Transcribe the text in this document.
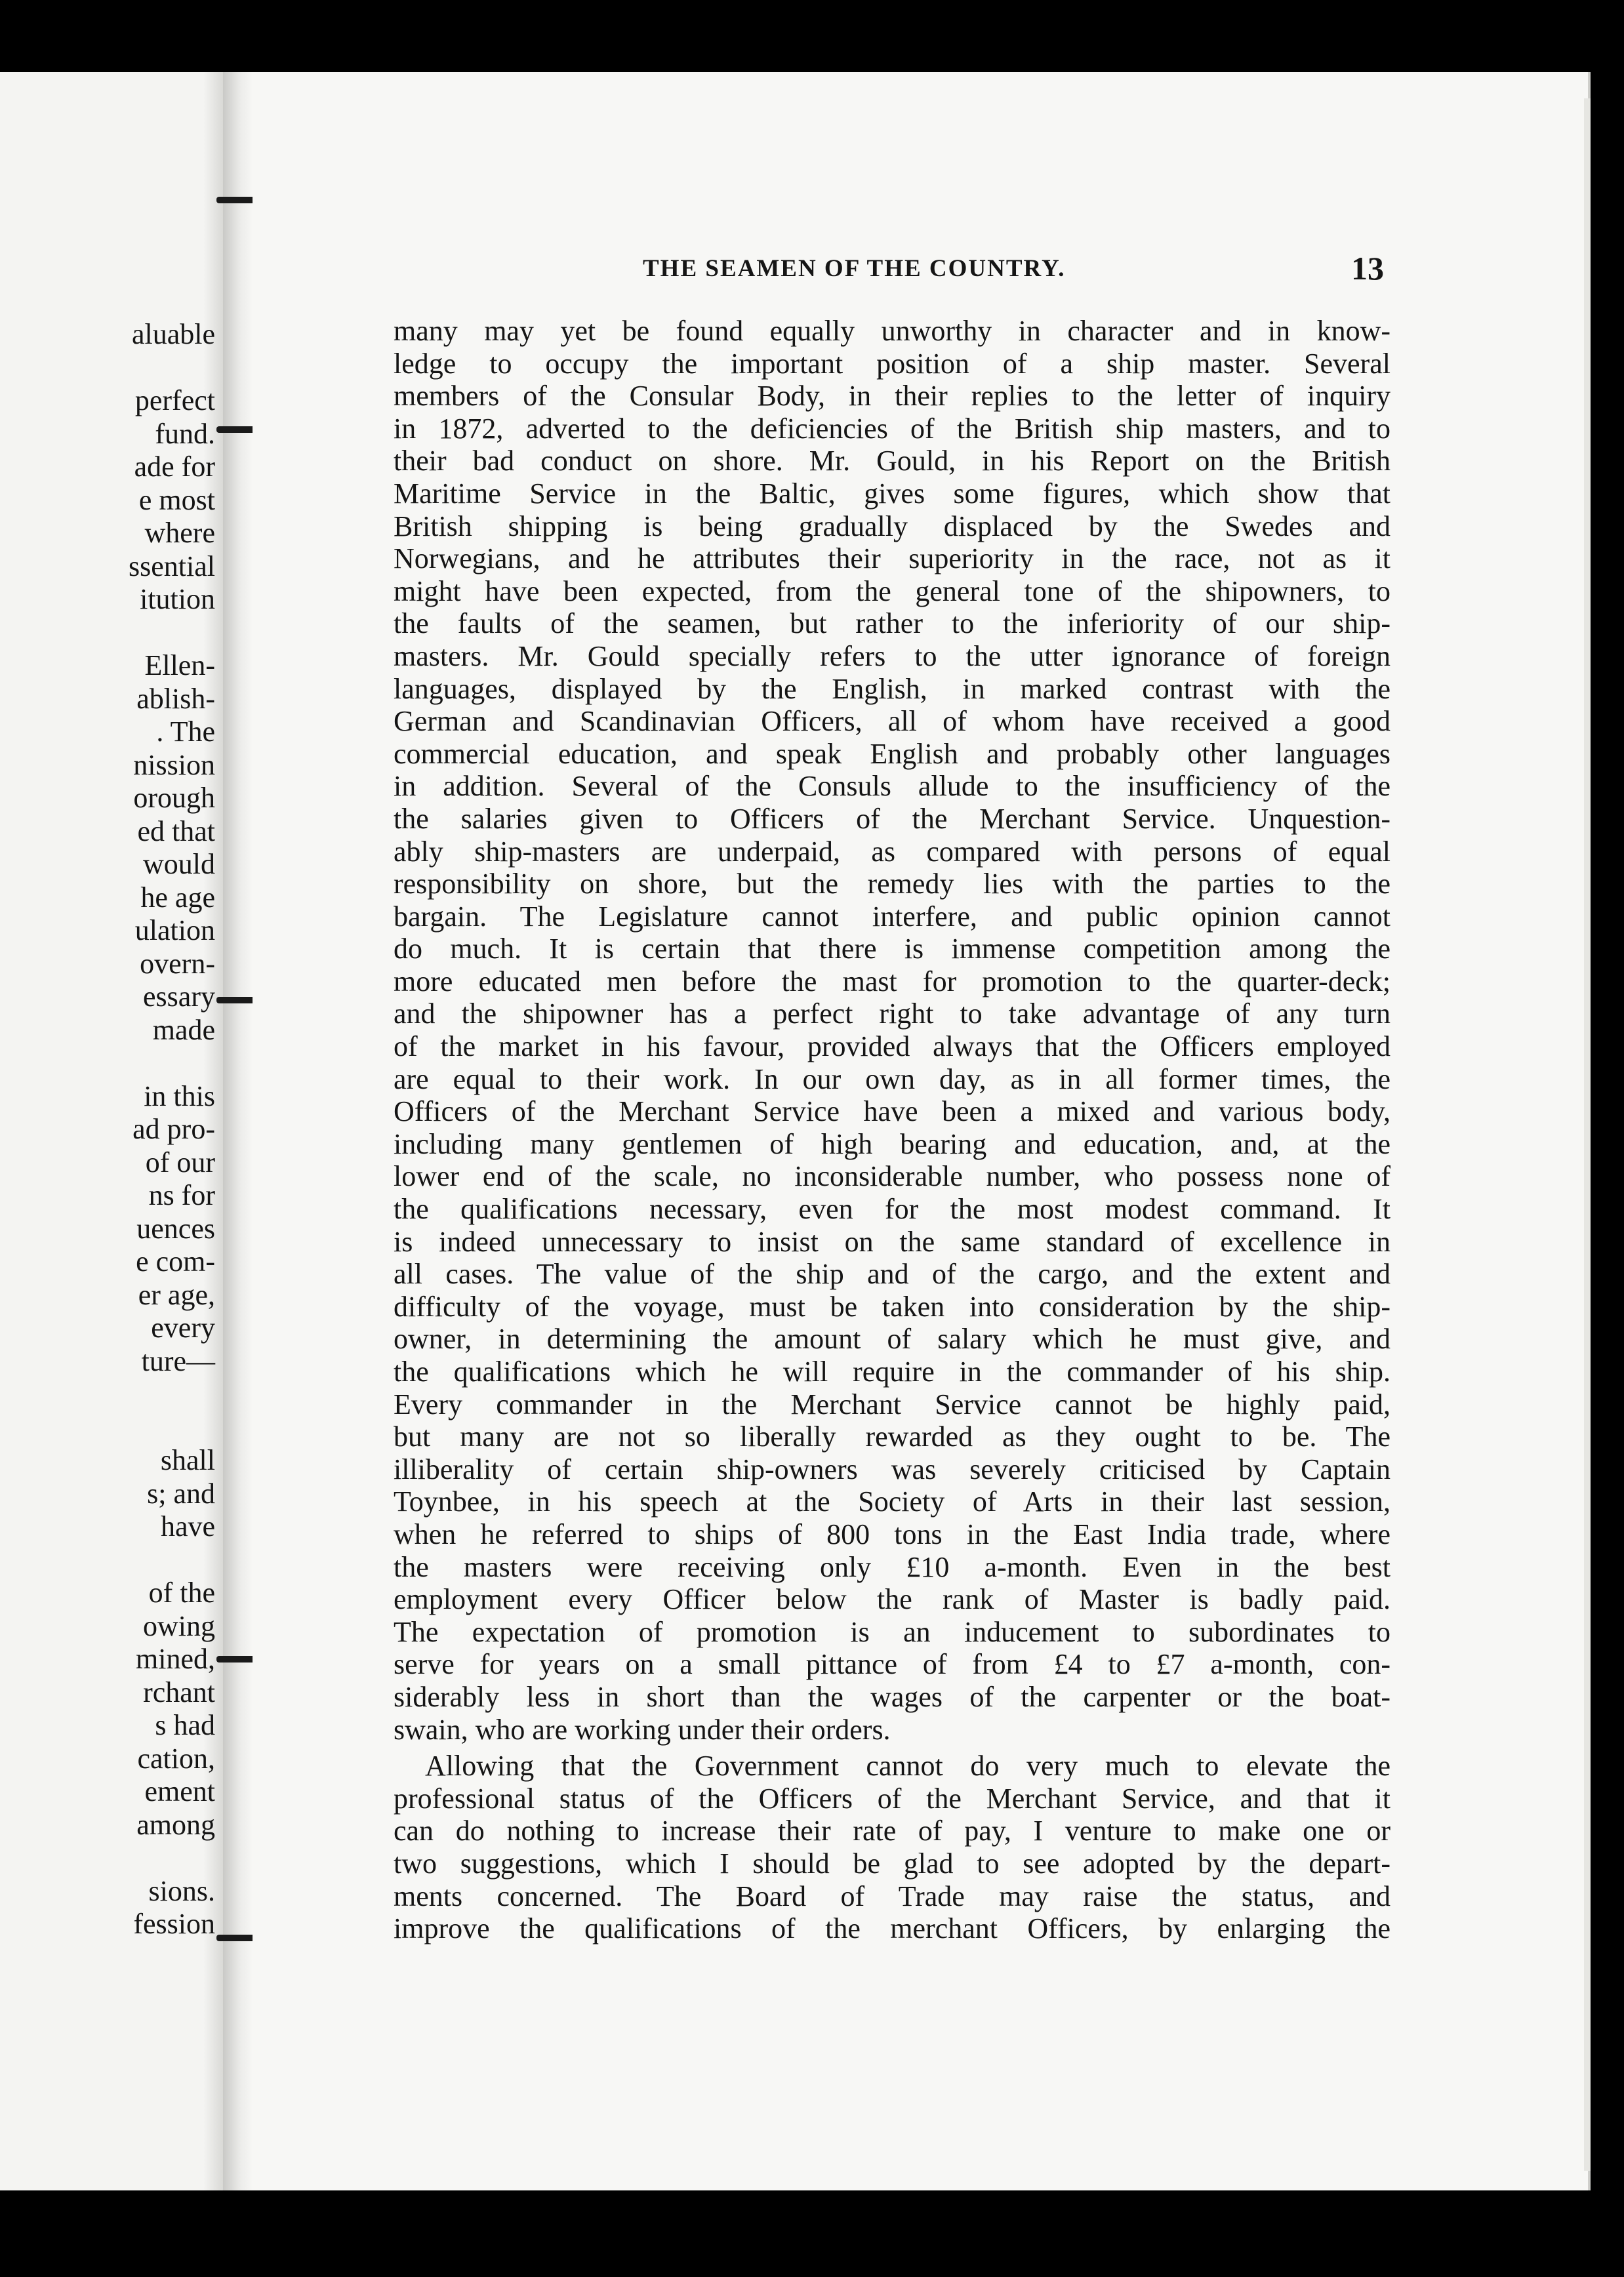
aluable
perfect
fund.
ade for
e most
where
ssential
itution
Ellen-
ablish-
. The
nission
orough
ed that
would
he age
ulation
overn-
essary
made
in this
ad pro-
of our
ns for
uences
e com-
er age,
every
ture—
shall
s; and
have
of the
owing
mined,
rchant
s had
cation,
ement
among
sions.
fession
THE SEAMEN OF THE COUNTRY.	13
many may yet be found equally unworthy in character and in know-
ledge to occupy the important position of a ship master. Several
members of the Consular Body, in their replies to the letter of inquiry
in 1872, adverted to the deficiencies of the British ship masters, and to
their bad conduct on shore. Mr. Gould, in his Report on the British
Maritime Service in the Baltic, gives some figures, which show that
British shipping is being gradually displaced by the Swedes and
Norwegians, and he attributes their superiority in the race, not as it
might have been expected, from the general tone of the shipowners, to
the faults of the seamen, but rather to the inferiority of our ship-
masters. Mr. Gould specially refers to the utter ignorance of foreign
languages, displayed by the English, in marked contrast with the
German and Scandinavian Officers, all of whom have received a good
commercial education, and speak English and probably other languages
in addition. Several of the Consuls allude to the insufficiency of the
the salaries given to Officers of the Merchant Service. Unquestion-
ably ship-masters are underpaid, as compared with persons of equal
responsibility on shore, but the remedy lies with the parties to the
bargain. The Legislature cannot interfere, and public opinion cannot
do much. It is certain that there is immense competition among the
more educated men before the mast for promotion to the quarter-deck;
and the shipowner has a perfect right to take advantage of any turn
of the market in his favour, provided always that the Officers employed
are equal to their work. In our own day, as in all former times, the
Officers of the Merchant Service have been a mixed and various body,
including many gentlemen of high bearing and education, and, at the
lower end of the scale, no inconsiderable number, who possess none of
the qualifications necessary, even for the most modest command. It
is indeed unnecessary to insist on the same standard of excellence in
all cases. The value of the ship and of the cargo, and the extent and
difficulty of the voyage, must be taken into consideration by the ship-
owner, in determining the amount of salary which he must give, and
the qualifications which he will require in the commander of his ship.
Every commander in the Merchant Service cannot be highly paid,
but many are not so liberally rewarded as they ought to be. The
illiberality of certain ship-owners was severely criticised by Captain
Toynbee, in his speech at the Society of Arts in their last session,
when he referred to ships of 800 tons in the East India trade, where
the masters were receiving only £10 a-month. Even in the best
employment every Officer below the rank of Master is badly paid.
The expectation of promotion is an inducement to subordinates to
serve for years on a small pittance of from £4 to £7 a-month, con-
siderably less in short than the wages of the carpenter or the boat-
swain, who are working under their orders.
Allowing that the Government cannot do very much to elevate the
professional status of the Officers of the Merchant Service, and that it
can do nothing to increase their rate of pay, I venture to make one or
two suggestions, which I should be glad to see adopted by the depart-
ments concerned. The Board of Trade may raise the status, and
improve the qualifications of the merchant Officers, by enlarging the
